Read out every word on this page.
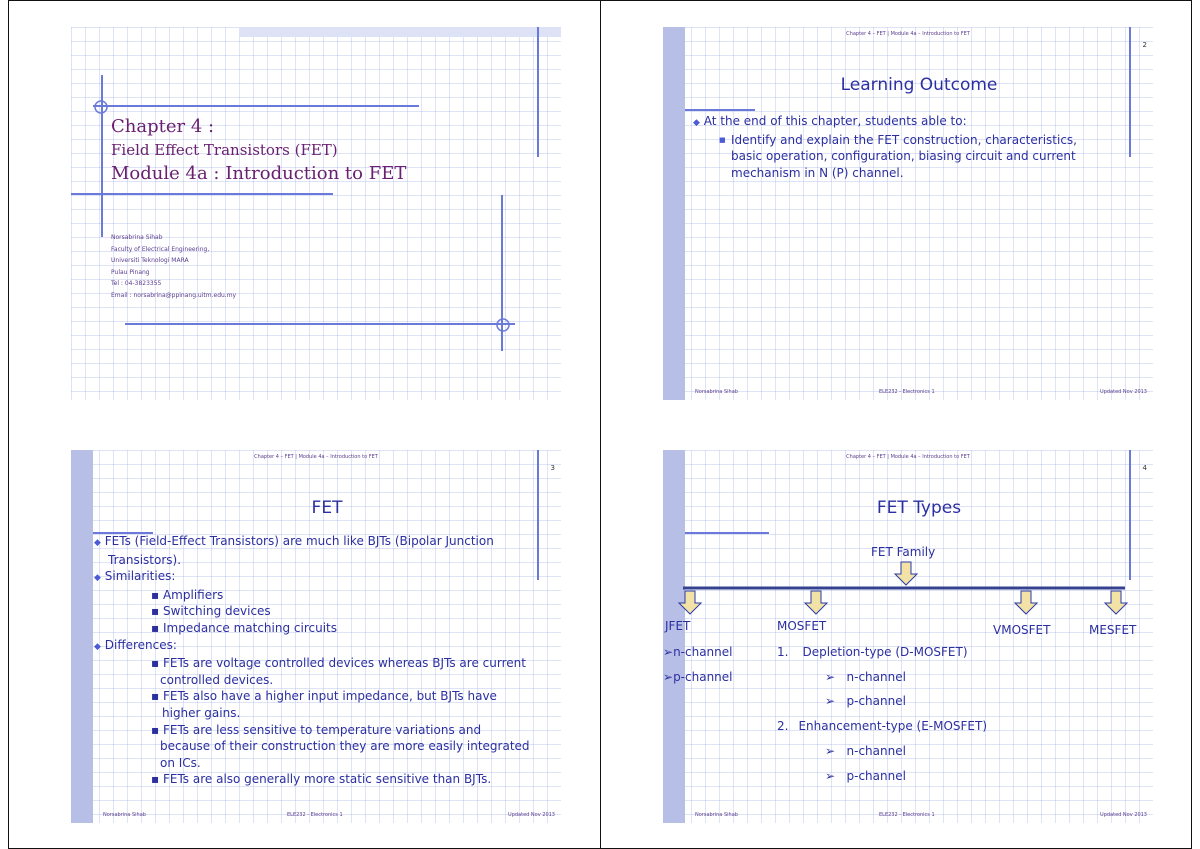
Chapter 4 :
Field Effect Transistors (FET)
Module 4a : Introduction to FET
Norsabrina Sihab
Faculty of Electrical Engineering,
Universiti Teknologi MARA
Pulau Pinang
Tel : 04-3823355
Email : norsabrina@ppinang.uitm.edu.my
Chapter 4 – FET | Module 4a – Introduction to FET
2
Learning Outcome
◆ At the end of this chapter, students able to:
■ Identify and explain the FET construction, characteristics,
basic operation, configuration, biasing circuit and current
mechanism in N (P) channel.
Norsabrina Sihab	ELE232 - Electronics 1	Updated Nov 2013
Chapter 4 – FET | Module 4a – Introduction to FET
3
FET
◆ FETs (Field-Effect Transistors) are much like BJTs (Bipolar Junction
Transistors).
◆ Similarities:
▪ Amplifiers
▪ Switching devices
▪ Impedance matching circuits
◆ Differences:
▪ FETs are voltage controlled devices whereas BJTs are current
controlled devices.
▪ FETs also have a higher input impedance, but BJTs have
higher gains.
▪ FETs are less sensitive to temperature variations and
because of their construction they are more easily integrated
on ICs.
▪ FETs are also generally more static sensitive than BJTs.
Norsabrina Sihab	ELE232 - Electronics 1	Updated Nov 2013
Chapter 4 – FET | Module 4a – Introduction to FET
4
FET Types
FET Family
JFET	MOSFET	VMOSFET	MESFET
➢n-channel
➢p-channel
1. Depletion-type (D-MOSFET)
➢ n-channel
➢ p-channel
2. Enhancement-type (E-MOSFET)
➢ n-channel
➢ p-channel
Norsabrina Sihab	ELE232 - Electronics 1	Updated Nov 2013
